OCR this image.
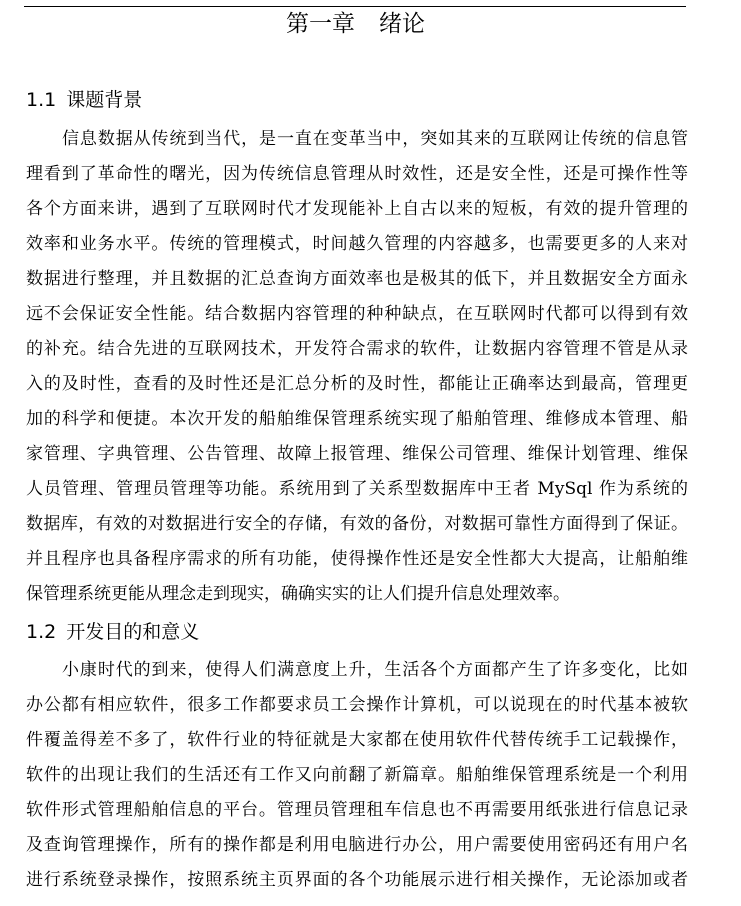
第一章 绪论
1.1 课题背景
信息数据从传统到当代，是一直在变革当中，突如其来的互联网让传统的信息管
理看到了革命性的曙光，因为传统信息管理从时效性，还是安全性，还是可操作性等
各个方面来讲，遇到了互联网时代才发现能补上自古以来的短板，有效的提升管理的
效率和业务水平。传统的管理模式，时间越久管理的内容越多，也需要更多的人来对
数据进行整理，并且数据的汇总查询方面效率也是极其的低下，并且数据安全方面永
远不会保证安全性能。结合数据内容管理的种种缺点，在互联网时代都可以得到有效
的补充。结合先进的互联网技术，开发符合需求的软件，让数据内容管理不管是从录
入的及时性，查看的及时性还是汇总分析的及时性，都能让正确率达到最高，管理更
加的科学和便捷。本次开发的船舶维保管理系统实现了船舶管理、维修成本管理、船
家管理、字典管理、公告管理、故障上报管理、维保公司管理、维保计划管理、维保
人员管理、管理员管理等功能。系统用到了关系型数据库中王者 MySql 作为系统的
数据库，有效的对数据进行安全的存储，有效的备份，对数据可靠性方面得到了保证。
并且程序也具备程序需求的所有功能，使得操作性还是安全性都大大提高，让船舶维
保管理系统更能从理念走到现实，确确实实的让人们提升信息处理效率。
1.2 开发目的和意义
小康时代的到来，使得人们满意度上升，生活各个方面都产生了许多变化，比如
办公都有相应软件，很多工作都要求员工会操作计算机，可以说现在的时代基本被软
件覆盖得差不多了，软件行业的特征就是大家都在使用软件代替传统手工记载操作，
软件的出现让我们的生活还有工作又向前翻了新篇章。船舶维保管理系统是一个利用
软件形式管理船舶信息的平台。管理员管理租车信息也不再需要用纸张进行信息记录
及查询管理操作，所有的操作都是利用电脑进行办公，用户需要使用密码还有用户名
进行系统登录操作，按照系统主页界面的各个功能展示进行相关操作，无论添加或者
